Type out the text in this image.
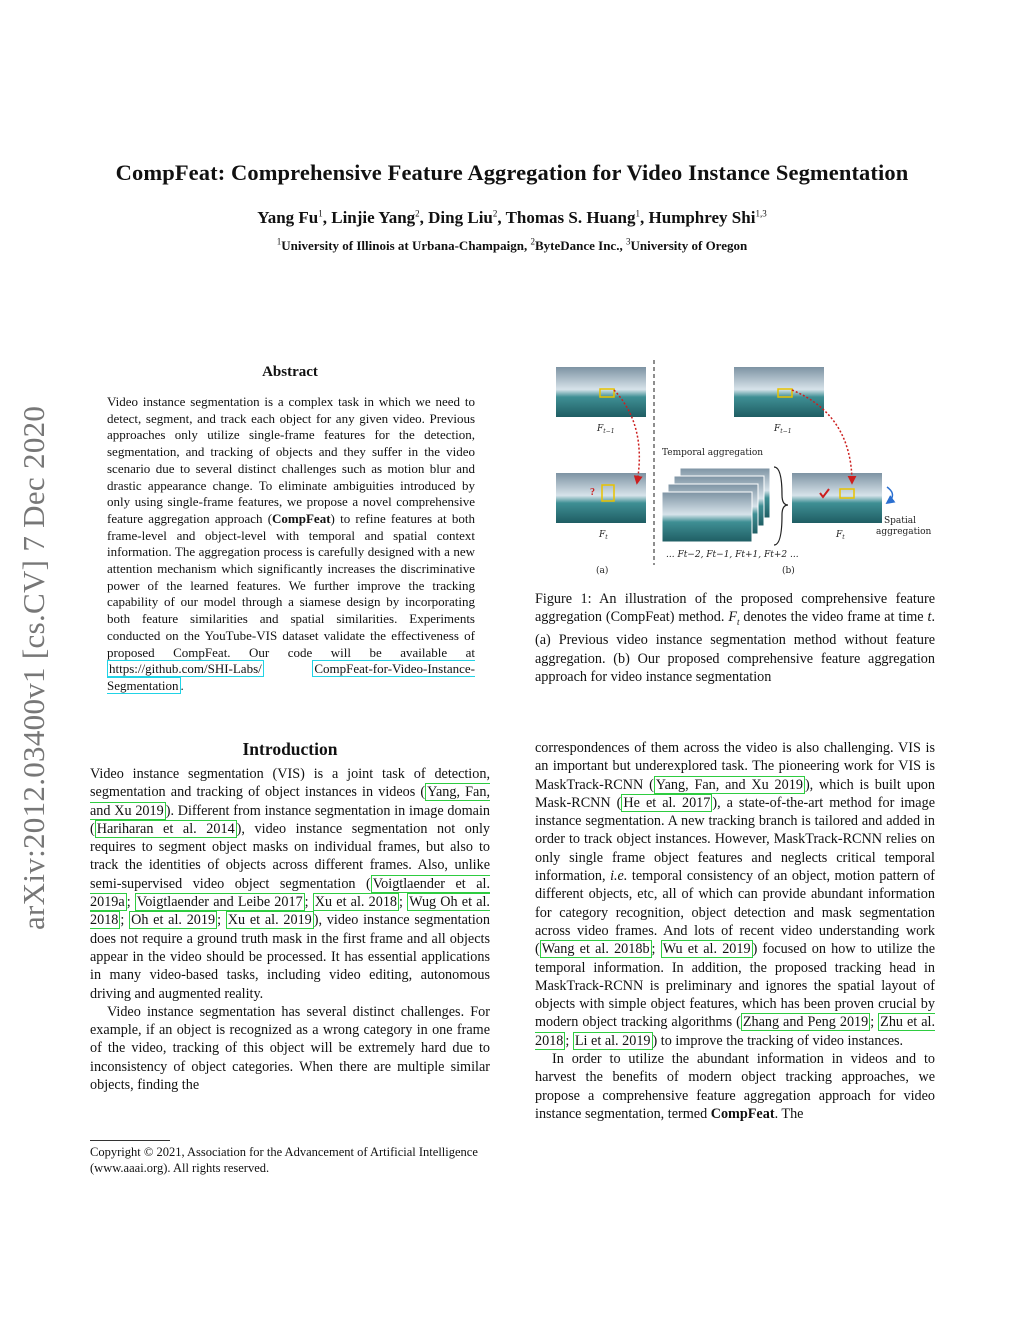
CompFeat: Comprehensive Feature Aggregation for Video Instance Segmentation
Yang Fu$^1$, Linjie Yang$^2$, Ding Liu$^2$, Thomas S. Huang$^1$, Humphrey Shi$^{1,3}$
$^1$University of Illinois at Urbana-Champaign, $^2$ByteDance Inc., $^3$University of Oregon
arXiv:2012.03400v1 [cs.CV] 7 Dec 2020
Abstract
Video instance segmentation is a complex task in which we need to detect, segment, and track each object for any given video. Previous approaches only utilize single-frame features for the detection, segmentation, and tracking of objects and they suffer in the video scenario due to several distinct challenges such as motion blur and drastic appearance change. To eliminate ambiguities introduced by only using single-frame features, we propose a novel comprehensive feature aggregation approach (CompFeat) to refine features at both frame-level and object-level with temporal and spatial context information. The aggregation process is carefully designed with a new attention mechanism which significantly increases the discriminative power of the learned features. We further improve the tracking capability of our model through a siamese design by incorporating both feature similarities and spatial similarities. Experiments conducted on the YouTube-VIS dataset validate the effectiveness of proposed CompFeat. Our code will be available at https://github.com/SHI-Labs/	CompFeat-for-Video-Instance-Segmentation .
Introduction

Video instance segmentation (VIS) is a joint task of detection, segmentation and tracking of object instances in videos ( Yang, Fan, and Xu 2019 ). Different from instance segmentation in image domain ( Hariharan et al. 2014 ), video instance segmentation not only requires to segment object masks on individual frames, but also to track the identities of objects across different frames. Also, unlike semi-supervised video object segmentation ( Voigtlaender et al. 2019a ; Voigtlaender and Leibe 2017 ; Xu et al. 2018 ; Wug Oh et al. 2018 ; Oh et al. 2019 ; Xu et al. 2019 ), video instance segmentation does not require a ground truth mask in the first frame and all objects appear in the video should be processed. It has essential applications in many video-based tasks, including video editing, autonomous driving and augmented reality.

Video instance segmentation has several distinct challenges. For example, if an object is recognized as a wrong category in one frame of the video, tracking of this object will be extremely hard due to inconsistency of object categories. When there are multiple similar objects, finding the

Copyright © 2021, Association for the Advancement of Artificial Intelligence (www.aaai.org). All rights reserved.
$F_{t-1}$
?
$F_t$
(a)
Temporal aggregation
... Ft−2, Ft−1, Ft+1, Ft+2 ...
$F_{t-1}$
$F_t$
Spatial
aggregation
(b)
Figure 1: An illustration of the proposed comprehensive feature aggregation (CompFeat) method. $F_t$ denotes the video frame at time t. (a) Previous video instance segmentation method without feature aggregation. (b) Our proposed comprehensive feature aggregation approach for video instance segmentation

correspondences of them across the video is also challenging. VIS is an important but underexplored task. The pioneering work for VIS is MaskTrack-RCNN ( Yang, Fan, and Xu 2019 ), which is built upon Mask-RCNN ( He et al. 2017 ), a state-of-the-art method for image instance segmentation. A new tracking branch is tailored and added in order to track object instances. However, MaskTrack-RCNN relies on only single frame object features and neglects critical temporal information, i.e. temporal consistency of an object, motion pattern of different objects, etc, all of which can provide abundant information for category recognition, object detection and mask segmentation across video frames. And lots of recent video understanding work ( Wang et al. 2018b ; Wu et al. 2019 ) focused on how to utilize the temporal information. In addition, the proposed tracking head in MaskTrack-RCNN is preliminary and ignores the spatial layout of objects with simple object features, which has been proven crucial by modern object tracking algorithms ( Zhang and Peng 2019 ; Zhu et al. 2018 ; Li et al. 2019 ) to improve the tracking of video instances.

In order to utilize the abundant information in videos and to harvest the benefits of modern object tracking approaches, we propose a comprehensive feature aggregation approach for video instance segmentation, termed CompFeat. The
